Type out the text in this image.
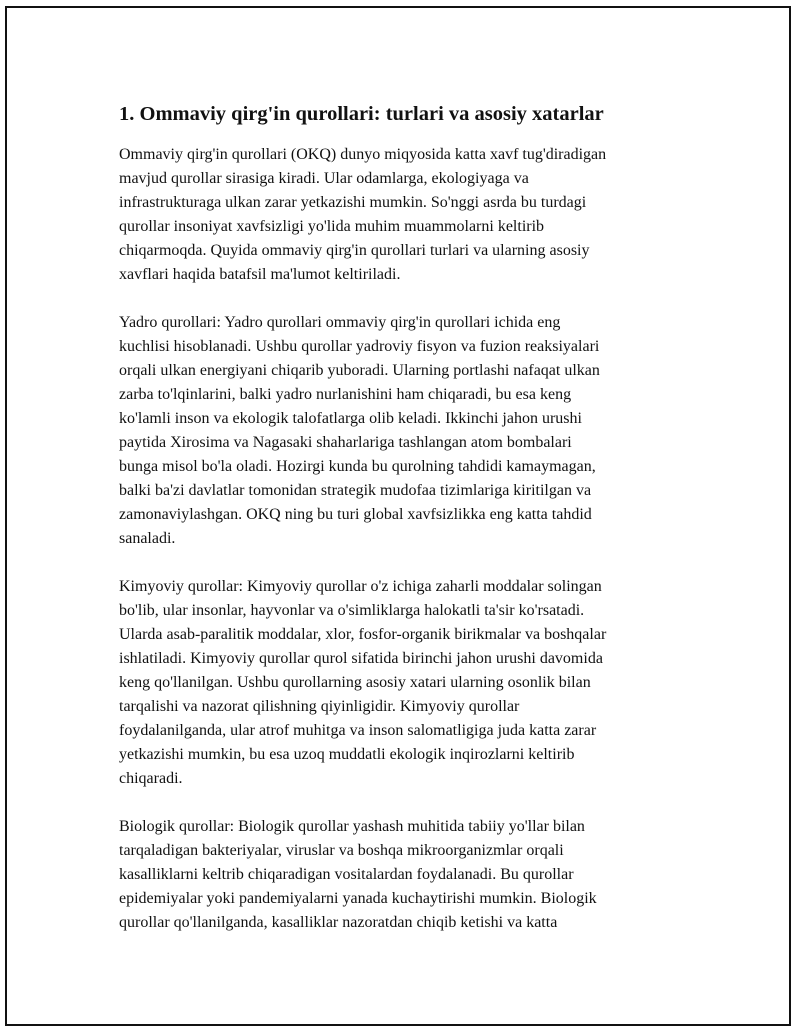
1. Ommaviy qirg'in qurollari: turlari va asosiy xatarlar

Ommaviy qirg'in qurollari (OKQ) dunyo miqyosida katta xavf tug'diradigan
mavjud qurollar sirasiga kiradi. Ular odamlarga, ekologiyaga va
infrastrukturaga ulkan zarar yetkazishi mumkin. So'nggi asrda bu turdagi
qurollar insoniyat xavfsizligi yo'lida muhim muammolarni keltirib
chiqarmoqda. Quyida ommaviy qirg'in qurollari turlari va ularning asosiy
xavflari haqida batafsil ma'lumot keltiriladi.

Yadro qurollari: Yadro qurollari ommaviy qirg'in qurollari ichida eng
kuchlisi hisoblanadi. Ushbu qurollar yadroviy fisyon va fuzion reaksiyalari
orqali ulkan energiyani chiqarib yuboradi. Ularning portlashi nafaqat ulkan
zarba to'lqinlarini, balki yadro nurlanishini ham chiqaradi, bu esa keng
ko'lamli inson va ekologik talofatlarga olib keladi. Ikkinchi jahon urushi
paytida Xirosima va Nagasaki shaharlariga tashlangan atom bombalari
bunga misol bo'la oladi. Hozirgi kunda bu qurolning tahdidi kamaymagan,
balki ba'zi davlatlar tomonidan strategik mudofaa tizimlariga kiritilgan va
zamonaviylashgan. OKQ ning bu turi global xavfsizlikka eng katta tahdid
sanaladi.

Kimyoviy qurollar: Kimyoviy qurollar o'z ichiga zaharli moddalar solingan
bo'lib, ular insonlar, hayvonlar va o'simliklarga halokatli ta'sir ko'rsatadi.
Ularda asab-paralitik moddalar, xlor, fosfor-organik birikmalar va boshqalar
ishlatiladi. Kimyoviy qurollar qurol sifatida birinchi jahon urushi davomida
keng qo'llanilgan. Ushbu qurollarning asosiy xatari ularning osonlik bilan
tarqalishi va nazorat qilishning qiyinligidir. Kimyoviy qurollar
foydalanilganda, ular atrof muhitga va inson salomatligiga juda katta zarar
yetkazishi mumkin, bu esa uzoq muddatli ekologik inqirozlarni keltirib
chiqaradi.

Biologik qurollar: Biologik qurollar yashash muhitida tabiiy yo'llar bilan
tarqaladigan bakteriyalar, viruslar va boshqa mikroorganizmlar orqali
kasalliklarni keltrib chiqaradigan vositalardan foydalanadi. Bu qurollar
epidemiyalar yoki pandemiyalarni yanada kuchaytirishi mumkin. Biologik
qurollar qo'llanilganda, kasalliklar nazoratdan chiqib ketishi va katta
